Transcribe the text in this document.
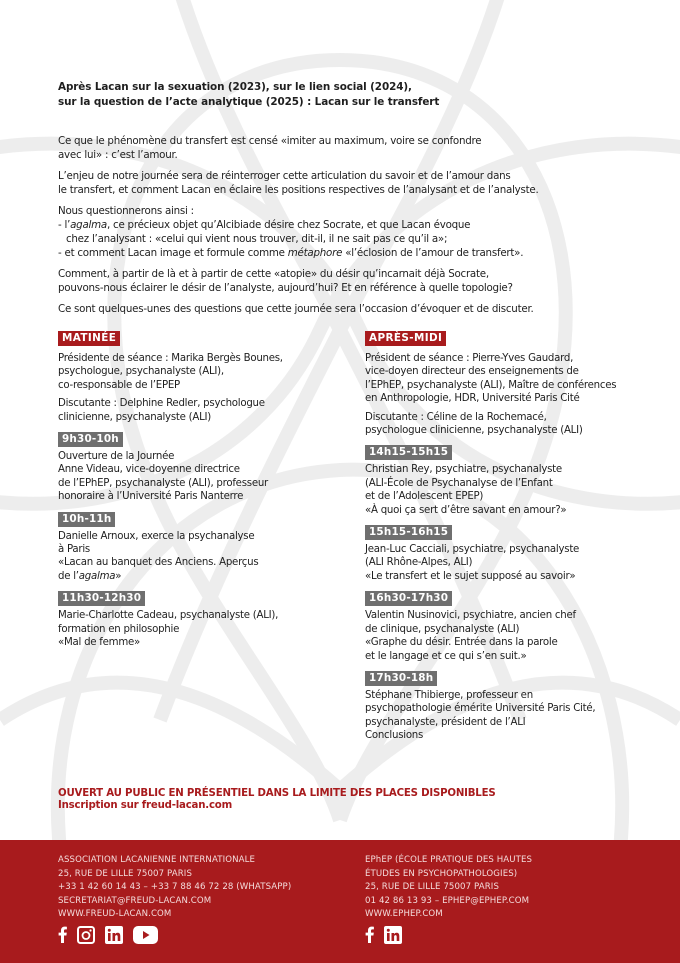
Après Lacan sur la sexuation (2023), sur le lien social (2024),
sur la question de l’acte analytique (2025) : Lacan sur le transfert

Ce que le phénomène du transfert est censé «imiter au maximum, voire se confondre
avec lui» : c’est l’amour.

L’enjeu de notre journée sera de réinterroger cette articulation du savoir et de l’amour dans
le transfert, et comment Lacan en éclaire les positions respectives de l’analysant et de l’analyste.

Nous questionnerons ainsi :
- l’agalma, ce précieux objet qu’Alcibiade désire chez Socrate, et que Lacan évoque
chez l’analysant : «celui qui vient nous trouver, dit-il, il ne sait pas ce qu’il a»;
- et comment Lacan image et formule comme métaphore «l’éclosion de l’amour de transfert».

Comment, à partir de là et à partir de cette «atopie» du désir qu’incarnait déjà Socrate,
pouvons-nous éclairer le désir de l’analyste, aujourd’hui? Et en référence à quelle topologie?

Ce sont quelques-unes des questions que cette journée sera l’occasion d’évoquer et de discuter.

MATINÉE
Présidente de séance : Marika Bergès Bounes,
psychologue, psychanalyste (ALI),
co-responsable de l’EPEP
Discutante : Delphine Redler, psychologue
clinicienne, psychanalyste (ALI)
9h30-10h
Ouverture de la Journée
Anne Videau, vice-doyenne directrice
de l’EPhEP, psychanalyste (ALI), professeur
honoraire à l’Université Paris Nanterre
10h-11h
Danielle Arnoux, exerce la psychanalyse
à Paris
«Lacan au banquet des Anciens. Aperçus
de l’agalma»
11h30-12h30
Marie-Charlotte Cadeau, psychanalyste (ALI),
formation en philosophie
«Mal de femme»
APRÈS-MIDI
Président de séance : Pierre-Yves Gaudard,
vice-doyen directeur des enseignements de
l’EPhEP, psychanalyste (ALI), Maître de conférences
en Anthropologie, HDR, Université Paris Cité
Discutante : Céline de la Rochemacé,
psychologue clinicienne, psychanalyste (ALI)
14h15-15h15
Christian Rey, psychiatre, psychanalyste
(ALI-École de Psychanalyse de l’Enfant
et de l’Adolescent EPEP)
«À quoi ça sert d’être savant en amour?»
15h15-16h15
Jean-Luc Cacciali, psychiatre, psychanalyste
(ALI Rhône-Alpes, ALI)
«Le transfert et le sujet supposé au savoir»
16h30-17h30
Valentin Nusinovici, psychiatre, ancien chef
de clinique, psychanalyste (ALI)
«Graphe du désir. Entrée dans la parole
et le langage et ce qui s’en suit.»
17h30-18h
Stéphane Thibierge, professeur en
psychopathologie émérite Université Paris Cité,
psychanalyste, président de l’ALI
Conclusions
OUVERT AU PUBLIC EN PRÉSENTIEL DANS LA LIMITE DES PLACES DISPONIBLES
Inscription sur freud-lacan.com
ASSOCIATION LACANIENNE INTERNATIONALE
25, RUE DE LILLE 75007 PARIS
+33 1 42 60 14 43 – +33 7 88 46 72 28 (WHATSAPP)
SECRETARIAT@FREUD-LACAN.COM
WWW.FREUD-LACAN.COM
EPhEP (ÉCOLE PRATIQUE DES HAUTES
ÉTUDES EN PSYCHOPATHOLOGIES)
25, RUE DE LILLE 75007 PARIS
01 42 86 13 93 – EPHEP@EPHEP.COM
WWW.EPHEP.COM
